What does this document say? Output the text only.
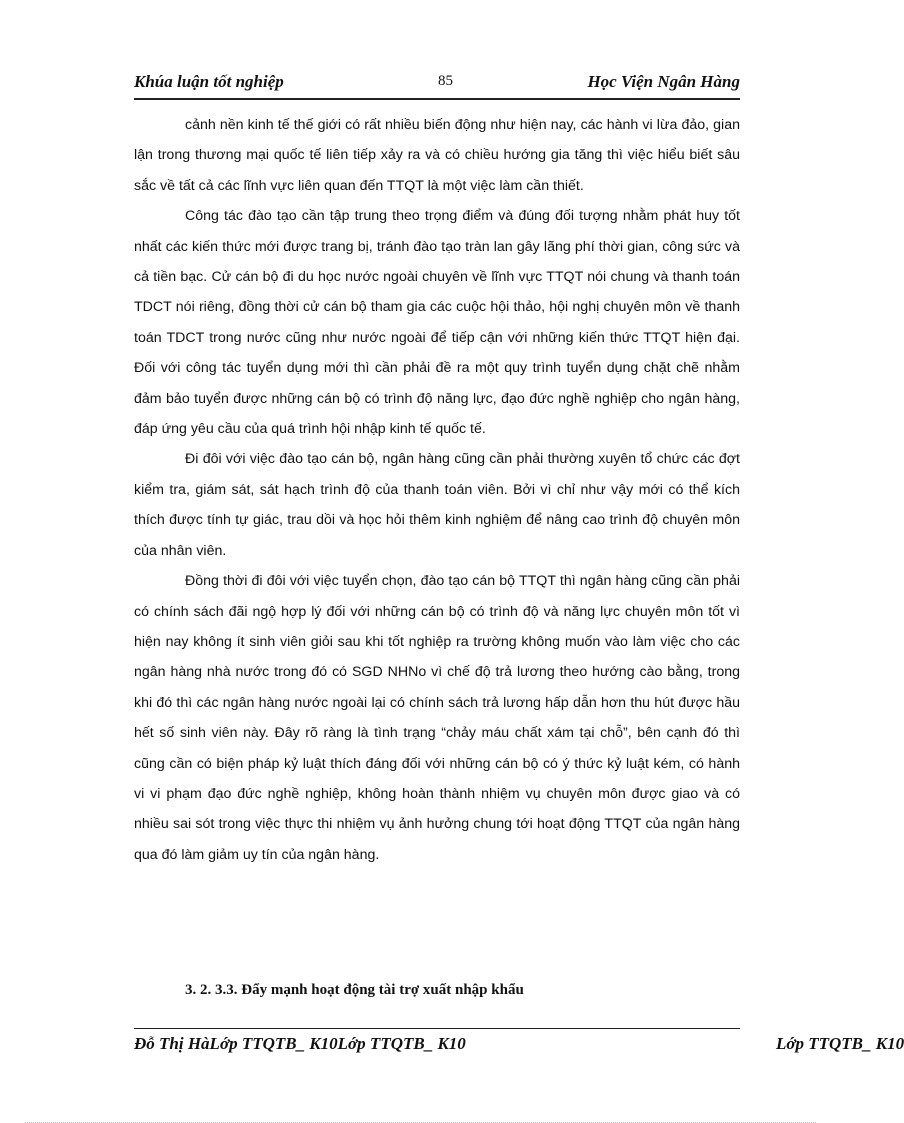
Khúa luận tốt nghiệp	85	Học Viện Ngân Hàng

cảnh nền kinh tế thế giới có rất nhiều biến động như hiện nay, các hành vi lừa đảo, gian lận trong thương mại quốc tế liên tiếp xảy ra và có chiều hướng gia tăng thì việc hiểu biết sâu sắc về tất cả các lĩnh vực liên quan đến TTQT là một việc làm cần thiết.

Công tác đào tạo cần tập trung theo trọng điểm và đúng đối tượng nhằm phát huy tốt nhất các kiến thức mới được trang bị, tránh đào tạo tràn lan gây lãng phí thời gian, công sức và cả tiền bạc. Cử cán bộ đi du học nước ngoài chuyên về lĩnh vực TTQT nói chung và thanh toán TDCT nói riêng, đồng thời cử cán bộ tham gia các cuộc hội thảo, hội nghị chuyên môn về thanh toán TDCT trong nước cũng như nước ngoài để tiếp cận với những kiến thức TTQT hiện đại. Đối với công tác tuyển dụng mới thì cần phải đề ra một quy trình tuyển dụng chặt chẽ nhằm đảm bảo tuyển được những cán bộ có trình độ năng lực, đạo đức nghề nghiệp cho ngân hàng, đáp ứng yêu cầu của quá trình hội nhập kinh tế quốc tế.

Đi đôi với việc đào tạo cán bộ, ngân hàng cũng cần phải thường xuyên tổ chức các đợt kiểm tra, giám sát, sát hạch trình độ của thanh toán viên. Bởi vì chỉ như vậy mới có thể kích thích được tính tự giác, trau dồi và học hỏi thêm kinh nghiệm để nâng cao trình độ chuyên môn của nhân viên.

Đồng thời đi đôi với việc tuyển chọn, đào tạo cán bộ TTQT thì ngân hàng cũng cần phải có chính sách đãi ngộ hợp lý đối với những cán bộ có trình độ và năng lực chuyên môn tốt vì hiện nay không ít sinh viên giỏi sau khi tốt nghiệp ra trường không muốn vào làm việc cho các ngân hàng nhà nước trong đó có SGD NHNo vì chế độ trả lương theo hướng cào bằng, trong khi đó thì các ngân hàng nước ngoài lại có chính sách trả lương hấp dẫn hơn thu hút được hầu hết số sinh viên này. Đây rõ ràng là tình trạng “chảy máu chất xám tại chỗ”, bên cạnh đó thì cũng cần có biện pháp kỷ luật thích đáng đối với những cán bộ có ý thức kỷ luật kém, có hành vi vi phạm đạo đức nghề nghiệp, không hoàn thành nhiệm vụ chuyên môn được giao và có nhiều sai sót trong việc thực thi nhiệm vụ ảnh hưởng chung tới hoạt động TTQT của ngân hàng qua đó làm giảm uy tín của ngân hàng.

3. 2. 3.3. Đẩy mạnh hoạt động tài trợ xuất nhập khẩu
Đỗ Thị HàLớp TTQTB_ K10Lớp TTQTB_ K10	Lớp TTQTB_ K10
